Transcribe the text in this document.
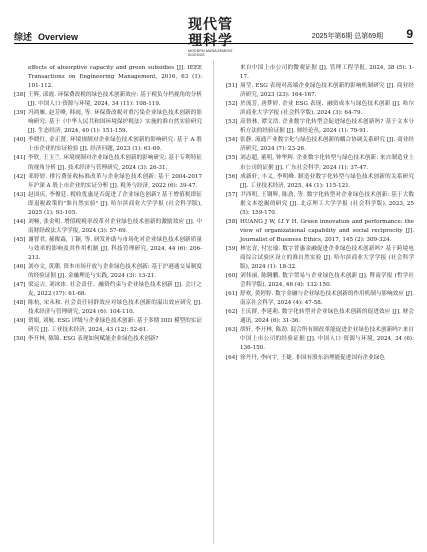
综述 Overview
现代管理科学
MODERN MANAGEMENT SCIENCE
2025年第6期 总第69期 9

effects of absorptive capacity and green subsidies [J]. IEEE Transactions on Engineering Management, 2016, 63 (1): 101-112.

[38] 王辉, 邱霞. 环保费改税的绿色技术创新效应: 基于税负分档视角的分析 [J]. 中国人口·资源与环境, 2024, 34 (11): 108-119.

[39] 冯鸿雁, 赵芳峰, 韩雨, 等. 环保费改税对重污染企业绿色技术创新的影响研究: 基于《中华人民共和国环境保护税法》实施的准自然实验研究 [J]. 生态经济, 2024, 40 (1): 151-159.

[40] 李晓红, 金正贤. 环境规制对企业绿色技术创新的影响研究: 基于 A 股上市企业的实证检验 [J]. 经济问题, 2023 (1): 61-69.

[41] 李欣, 王玉兰. 环境规制对企业绿色技术创新的影响研究: 基于专利特征的视角分析 [J]. 技术经济与管理研究, 2024 (3): 26-31.

[42] 邓婷婷. 排污费征收标准改革与企业绿色技术创新: 基于 2004-2017 年沪深 A 股上市企业的实证分析 [J]. 税务与经济, 2022 (6): 39-47.

[43] 赵国庆, 李俊廷. 税收优惠是否促进了企业绿色创新? 基于增值税即征即退税政策的"准自然实验" [J]. 哈尔滨商业大学学报 (社会科学版), 2025 (1): 93-105.

[44] 刘畅, 张金明. 增值税税率改革对企业绿色技术创新的激励效应 [J]. 中南财经政法大学学报, 2024 (3): 57-69.

[45] 谢智君, 郝俊森, 丁颖, 等. 研发补助与市场化对企业绿色技术创新质量与效率的影响及其作用机制 [J]. 科技管理研究, 2024, 44 (6): 206-213.

[46] 刘亦文, 黄潮. 资本市场开放与企业绿色技术创新: 基于沪港通交易制度的经验证据 [J]. 金融理论与实践, 2024 (3): 13-21.

[47] 梁运吉, 刘冰冰. 社会责任、融资约束与企业绿色技术创新 [J]. 会计之友, 2022 (17): 61-68.

[48] 陈杭, 宋永和. 社会责任同群效应对绿色技术创新的溢出效应研究 [J]. 技术经济与管理研究, 2024 (6): 104-110.

[49] 贺娟, 刘航. ESG 评级与企业绿色技术创新: 基于多期 DID 模型的实证研究 [J]. 工业技术经济, 2024, 43 (12): 52-61.

[50] 李开林, 陈锦. ESG 表现如何赋能企业绿色技术创新?

来自中国上市公司的微观证据 [J]. 管理工程学报, 2024, 38 (5): 1-17.

[51] 周莹. ESG 表现对高端企业绿色技术创新的影响机制研究 [J]. 商业经济研究, 2023 (23): 164-167.

[52] 於流芳, 唐梦婷. 企业 ESG 表现、融资成本与绿色技术创新 [J]. 哈尔滨商业大学学报 (社会科学版), 2024 (3): 64-79.

[53] 高智林, 谭文浩. 企业数字化转型会促进绿色技术创新吗? 基于文本分析方法的经验证据 [J]. 财经论丛, 2024 (1): 79-91.

[54] 张静. 流通产业数字化与绿色技术创新的耦合协调关系研究 [J]. 商业经济研究, 2024 (7): 23-26.

[55] 刘志超, 董明, 钟华辉. 企业数字化转型与绿色技术创新: 来自制造业上市公司的证据 [J]. 广东社会科学, 2024 (1): 37-47.

[56] 成新轩, 丰义, 李明峰. 制造业数字化转型与绿色技术创新的关系研究 [J]. 工业技术经济, 2025, 44 (1): 115-121.

[57] 尹西明, 王钢辉, 陈劲, 等. 数字化转型对企业绿色技术创新: 基于大数据文本挖掘的研究 [J]. 北京理工大学学报 (社会科学版), 2023, 25 (5): 159-170.

[58] HUANG J W, LI Y H. Green innovation and performance: the view of organizational capability and social reciprocity [J]. Journalist of Business Ethics, 2017, 145 (2): 309-324.

[59] 林宏青, 付宏瑜. 数字普惠金融促进企业绿色技术创新吗? 基于跨境电商综合试验区设立的准自然实验 [J]. 哈尔滨商业大学学报 (社会科学版), 2024 (1): 18-32.

[60] 刘伟丽, 陈腾鹏. 数字贸易与企业绿色技术创新 [J]. 暨南学报 (哲学社会科学版), 2024, 46 (4): 132-150.

[61] 舒欢, 黄婷婷. 数字金融与企业绿色技术创新的作用机制与影响效应 [J]. 南京社会科学, 2024 (4): 47-58.

[62] 王庆群, 李延莉. 数字化转型对企业绿色技术创新的促进效应 [J]. 财会通讯, 2024 (6): 31-36.

[63] 胡轩, 李开林, 陈劲. 混合所有制改革能促进企业绿色技术创新吗? 来自中国上市公司的经验证据 [J]. 中国人口·资源与环境, 2024, 34 (6): 136-150.

[64] 徐丹丹, 李向宇, 王婕. 非国有股东治理能促进国有企业绿色
